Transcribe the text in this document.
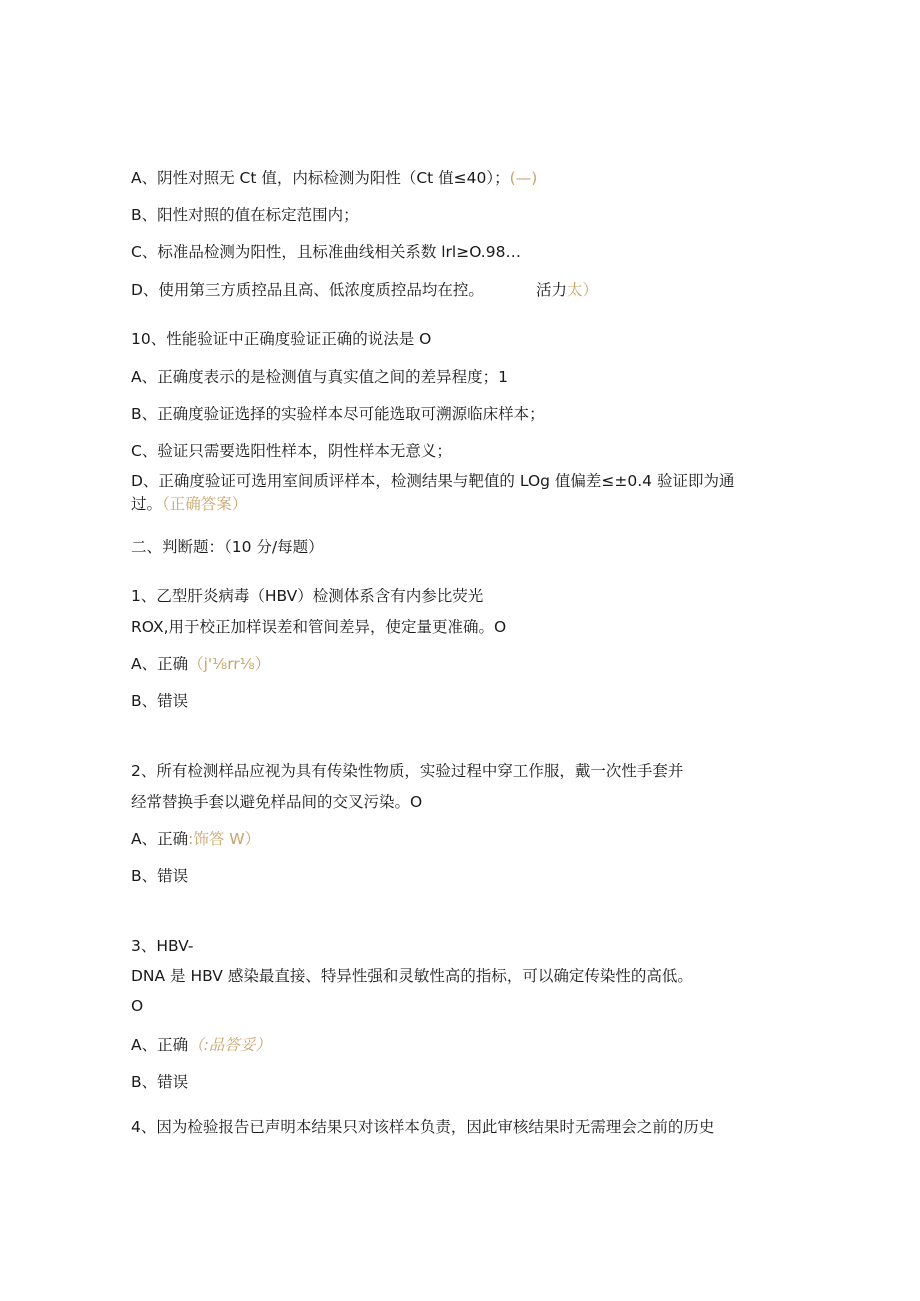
A、阴性对照无 Ct 值，内标检测为阳性（Ct 值≤40）；(—)
B、阳性对照的值在标定范围内；
C、标准品检测为阳性，且标准曲线相关系数 lrl≥O.98…
D、使用第三方质控品且高、低浓度质控品均在控。	活力太）
10、性能验证中正确度验证正确的说法是 O
A、正确度表示的是检测值与真实值之间的差异程度；1
B、正确度验证选择的实验样本尽可能选取可溯源临床样本；
C、验证只需要选阳性样本，阴性样本无意义；
D、正确度验证可选用室间质评样本，检测结果与靶值的 LOg 值偏差≤±0.4 验证即为通
过。（正确答案）
二、判断题：（10 分/每题）
1、乙型肝炎病毒（HBV）检测体系含有内参比荧光
ROX,用于校正加样误差和管间差异，使定量更准确。O
A、正确（j'⅛rr⅛）
B、错误
2、所有检测样品应视为具有传染性物质，实验过程中穿工作服，戴一次性手套并
经常替换手套以避免样品间的交叉污染。O
A、正确:饰答 W）
B、错误
3、HBV-
DNA 是 HBV 感染最直接、特异性强和灵敏性高的指标，可以确定传染性的高低。
O
A、正确（:品答妥）
B、错误
4、因为检验报告已声明本结果只对该样本负责，因此审核结果时无需理会之前的历史
